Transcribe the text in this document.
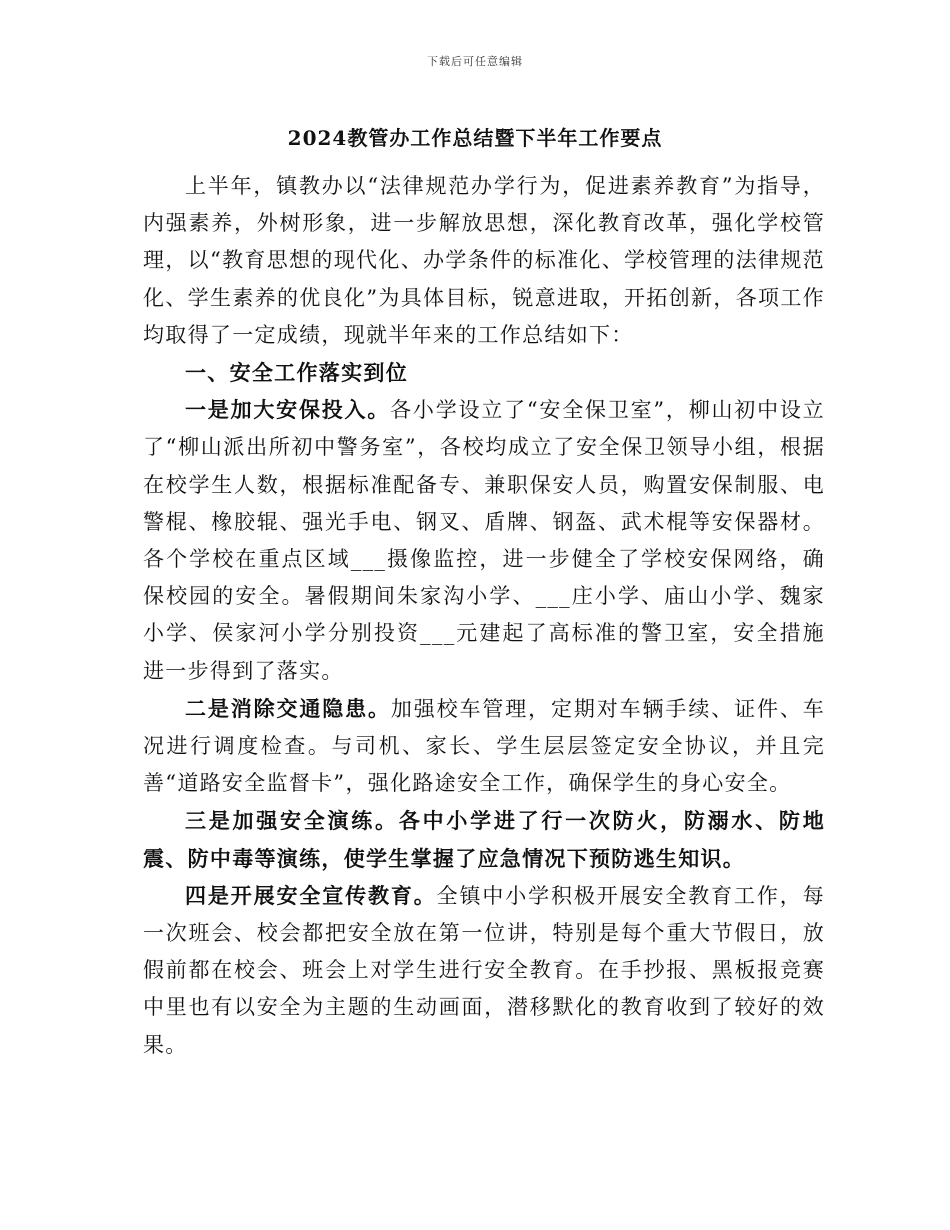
下载后可任意编辑
2024教管办工作总结暨下半年工作要点

上半年，镇教办以“法律规范办学行为，促进素养教育”为指导，内强素养，外树形象，进一步解放思想，深化教育改革，强化学校管理，以“教育思想的现代化、办学条件的标准化、学校管理的法律规范化、学生素养的优良化”为具体目标，锐意进取，开拓创新，各项工作均取得了一定成绩，现就半年来的工作总结如下：

一、安全工作落实到位

一是加大安保投入。各小学设立了“安全保卫室”，柳山初中设立了“柳山派出所初中警务室”，各校均成立了安全保卫领导小组，根据在校学生人数，根据标准配备专、兼职保安人员，购置安保制服、电警棍、橡胶辊、强光手电、钢叉、盾牌、钢盔、武术棍等安保器材。各个学校在重点区域___摄像监控，进一步健全了学校安保网络，确保校园的安全。暑假期间朱家沟小学、___庄小学、庙山小学、魏家小学、侯家河小学分别投资___元建起了高标准的警卫室，安全措施进一步得到了落实。

二是消除交通隐患。加强校车管理，定期对车辆手续、证件、车况进行调度检查。与司机、家长、学生层层签定安全协议，并且完善“道路安全监督卡”，强化路途安全工作，确保学生的身心安全。

三是加强安全演练。各中小学进了行一次防火，防溺水、防地震、防中毒等演练，使学生掌握了应急情况下预防逃生知识。

四是开展安全宣传教育。全镇中小学积极开展安全教育工作，每一次班会、校会都把安全放在第一位讲，特别是每个重大节假日，放假前都在校会、班会上对学生进行安全教育。在手抄报、黑板报竞赛中里也有以安全为主题的生动画面，潜移默化的教育收到了较好的效果。
